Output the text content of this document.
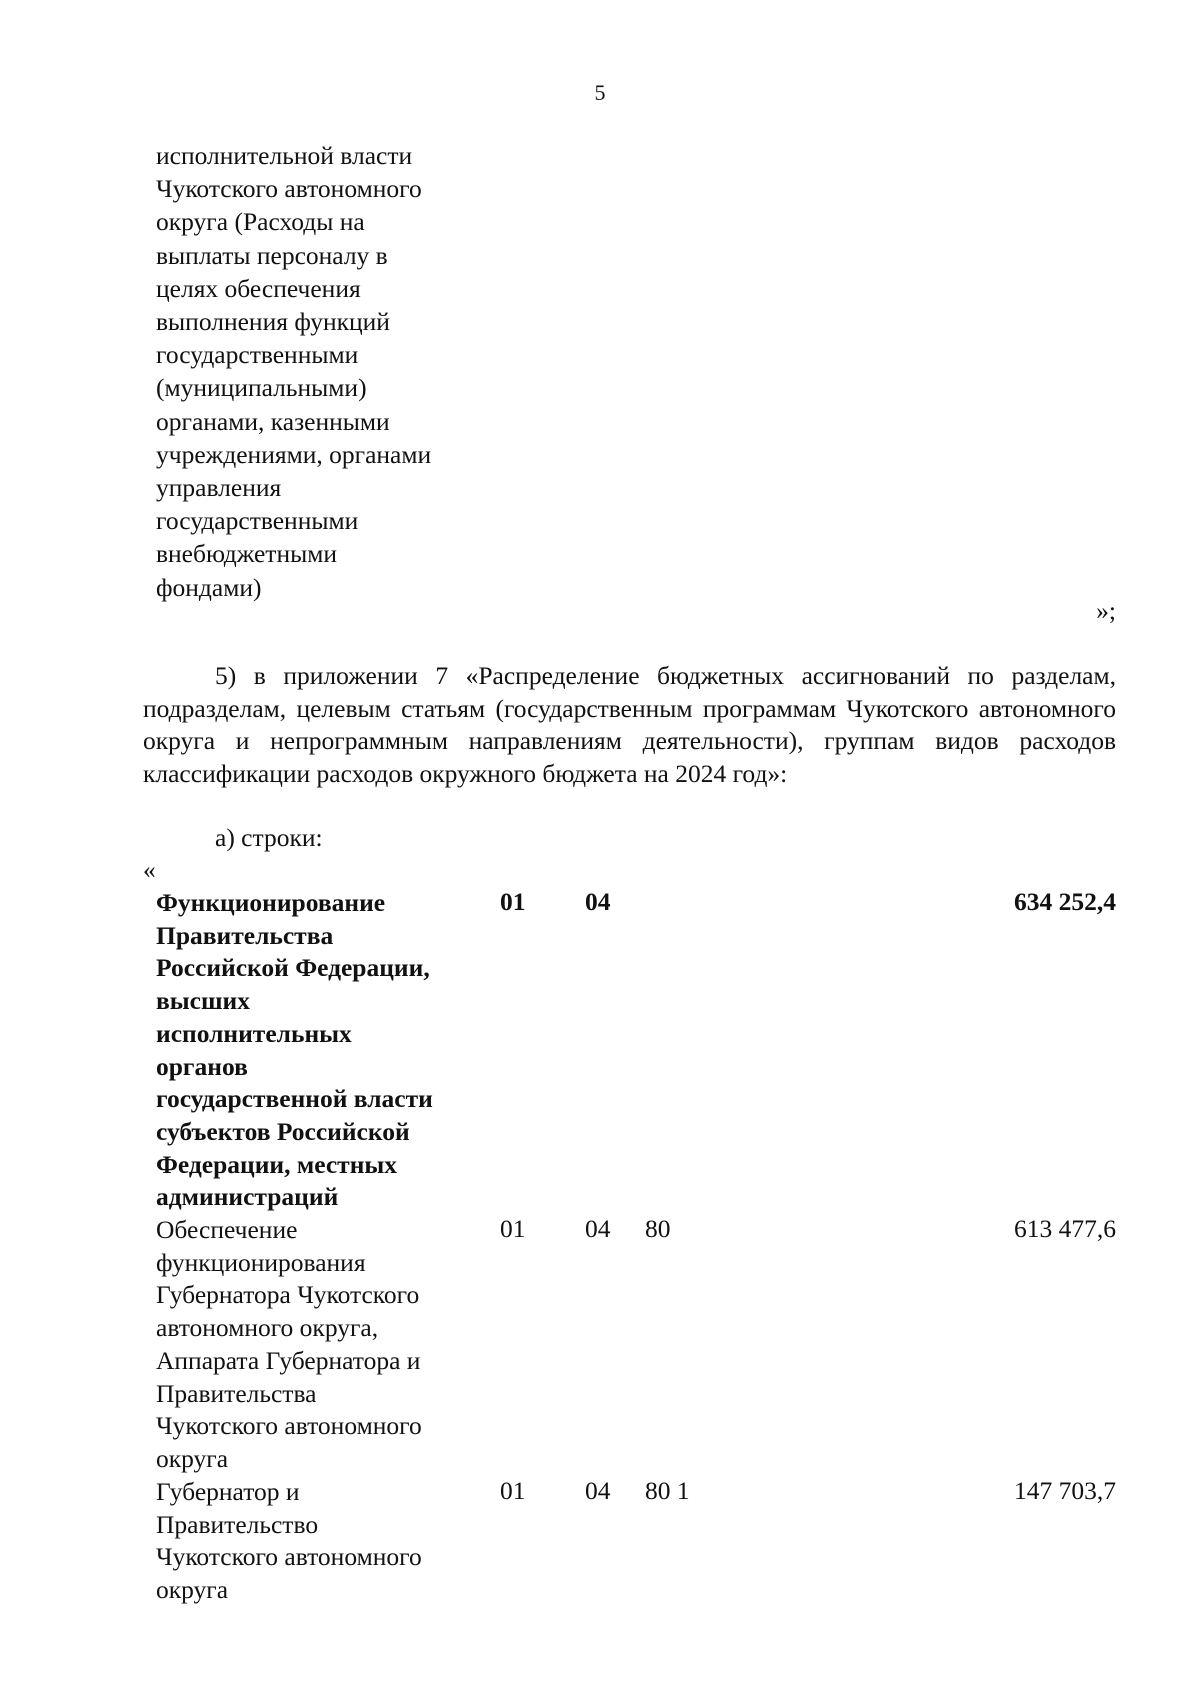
5
исполнительной власти
Чукотского автономного
округа (Расходы на
выплаты персоналу в
целях обеспечения
выполнения функций
государственными
(муниципальными)
органами, казенными
учреждениями, органами
управления
государственными
внебюджетными
фондами)
»;
5) в приложении 7 «Распределение бюджетных ассигнований по разделам, подразделам, целевым статьям (государственным программам Чукотского автономного округа и непрограммным направлениям деятельности), группам видов расходов классификации расходов окружного бюджета на 2024 год»:
а) строки:
«
Функционирование
Правительства
Российской Федерации,
высших
исполнительных
органов
государственной власти
субъектов Российской
Федерации, местных
администраций
01 04	634 252,4
Обеспечение
функционирования
Губернатора Чукотского
автономного округа,
Аппарата Губернатора и
Правительства
Чукотского автономного
округа
01 04 80	613 477,6
Губернатор и
Правительство
Чукотского автономного
округа
01 04 80 1	147 703,7
